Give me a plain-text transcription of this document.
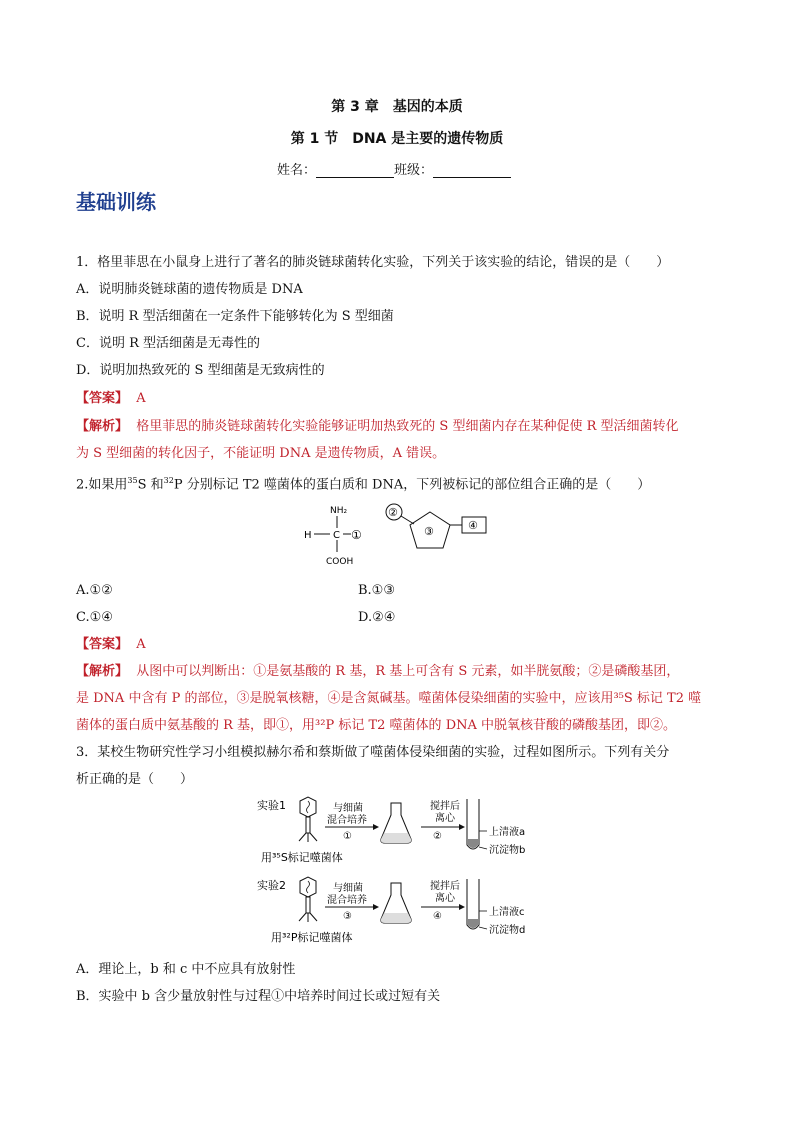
第 3 章　基因的本质
第 1 节　DNA 是主要的遗传物质
姓名：	班级：
基础训练
1．格里菲思在小鼠身上进行了著名的肺炎链球菌转化实验，下列关于该实验的结论，错误的是（　　）
A．说明肺炎链球菌的遗传物质是 DNA
B．说明 R 型活细菌在一定条件下能够转化为 S 型细菌
C．说明 R 型活细菌是无毒性的
D．说明加热致死的 S 型细菌是无致病性的
【答案】 A
【解析】 格里菲思的肺炎链球菌转化实验能够证明加热致死的 S 型细菌内存在某种促使 R 型活细菌转化
为 S 型细菌的转化因子，不能证明 DNA 是遗传物质，A 错误。
2.如果用$^{35}$S 和$^{32}$P 分别标记 T2 噬菌体的蛋白质和 DNA，下列被标记的部位组合正确的是（　　）
NH₂
H C ①
COOH
②
③	④
A.①②	B.①③
C.①④	D.②④
【答案】 A
【解析】 从图中可以判断出：①是氨基酸的 R 基，R 基上可含有 S 元素，如半胱氨酸；②是磷酸基团，
是 DNA 中含有 P 的部位，③是脱氧核糖，④是含氮碱基。噬菌体侵染细菌的实验中，应该用³⁵S 标记 T2 噬
菌体的蛋白质中氨基酸的 R 基，即①，用³²P 标记 T2 噬菌体的 DNA 中脱氧核苷酸的磷酸基团，即②。
3．某校生物研究性学习小组模拟赫尔希和蔡斯做了噬菌体侵染细菌的实验，过程如图所示。下列有关分
析正确的是（　　）
实验1
用³⁵S标记噬菌体
与细菌
混合培养
①
搅拌后
离心
②	上清液a
沉淀物b
实验2
用³²P标记噬菌体
与细菌
混合培养
③
搅拌后
离心
④	上清液c
沉淀物d
A．理论上，b 和 c 中不应具有放射性
B．实验中 b 含少量放射性与过程①中培养时间过长或过短有关
